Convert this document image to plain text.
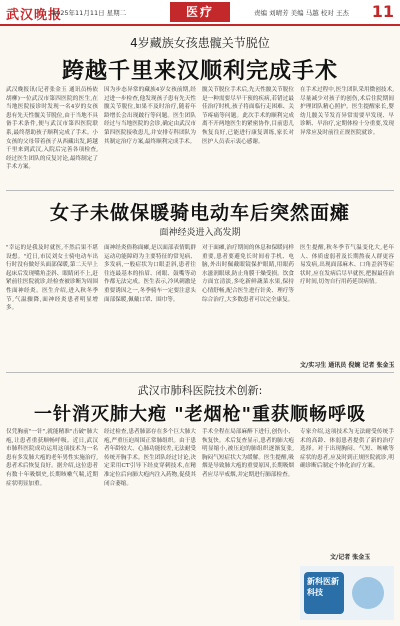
武汉晚报
2025年11月11日 星期二	医疗	责编 刘晴芳 美编 马越 校对 王杰 11
4岁藏族女孩患髋关节脱位
跨越千里来汉顺利完成手术
武汉晚报讯(记者张金玉 通讯员杨依 胡柳)一位武汉市第四医院的医生,在当地医院接诊时发现一名4岁的女孩患有先天性髋关节脱位,由于当地不具备手术条件,便与武汉市第四医院联系,最终帮助孩子顺利完成了手术。小女孩的父母带着孩子从西藏出发,跨越千里来到武汉,入院后完善各项检查,经过医生团队的反复讨论,最终制定了手术方案。
因为步态异常的藏族4岁女孩前期,经过进一步检查,他发现孩子患有先天性髋关节脱位,如果不及时治疗,随着年龄增长会出现跛行等问题。医生团队经过与当地医院的会诊,确定由武汉市第四医院接收患儿,并安排专科团队为其制定治疗方案,最终顺利完成手术。
髋关节脱位手术后,先天性髋关节脱位是一种需要尽早干预的疾病,若错过最佳治疗时机,孩子将面临行走困难、关节疼痛等问题。此次手术的顺利完成离不开两地医生的紧密协作,目前患儿恢复良好,已能进行康复训练,家长对医护人员表示衷心感谢。
在手术过程中,医生团队采用微创技术,尽量减少对孩子的创伤,术后住院期间护理团队精心照护。医生提醒家长,婴幼儿髋关节发育异常需要早发现、早诊断、早治疗,定期体检十分重要,发现异常应及时前往正规医院就诊。
女子未做保暖骑电动车后突然面瘫
面神经炎进入高发期
"幸运的是我及时就医,不然后果不堪设想。"近日,市民刘女士骑电动车出行时没有做好头面部保暖,第二天早上起床后发现嘴角歪斜、眼睛闭不上,赶紧前往医院就诊,经检查被诊断为周围性面神经炎。医生介绍,进入秋冬季节,气温骤降,面神经炎患者明显增多。
面神经炎俗称面瘫,是以面部表情肌群运动功能障碍为主要特征的常见病、多发病,一般症状为口眼歪斜,患者往往连最基本的抬眉、闭眼、鼓嘴等动作都无法完成。医生表示,冷风刺激是重要诱因之一,冬季骑车一定要注意头面部保暖,佩戴口罩、围巾等。
对于面瘫,治疗期间的休息和保暖同样重要,患者要避免长时间看手机、电脑,外出时佩戴眼镜保护眼睛,用眼药水滋润眼球,防止角膜干燥受损。饮食方面宜清淡,多吃新鲜蔬菜水果,保持心情舒畅,配合医生进行针灸、理疗等综合治疗,大多数患者可以完全康复。
医生提醒,秋冬季节气温变化大,老年人、体质虚弱者及长期熬夜人群更容易发病,出现面部麻木、口角歪斜等症状时,应在发病后尽早就医,把握最佳治疗时间,切勿自行用药延误病情。
文/实习生 通讯员 倪婉 记者 张金玉
武汉市肺科医院技术创新:
一针消灭肺大疱 "老烟枪"重获顺畅呼吸
仅凭胸前"一针",就能精准"击破"肺大疱,让患者重获顺畅呼吸。近日,武汉市肺科医院成功运用这项技术为一名患有多发肺大疱的老年男性实施治疗,患者术后恢复良好。据介绍,这位患者有数十年吸烟史,长期咳嗽气喘,近期症状明显加重。
经过检查,患者肺部存在多个巨大肺大疱,严重压迫周围正常肺组织。由于患者年龄较大、心肺功能较差,无法耐受传统开胸手术。医生团队经过讨论,决定采用CT引导下经皮穿刺技术,在精准定位后向肺大疱内注入药物,促使其闭合萎缩。
手术全程在局部麻醉下进行,创伤小、恢复快。术后复查显示,患者的肺大疱明显缩小,被压迫的肺组织逐渐复张,胸闷气短症状大为缓解。医生提醒,吸烟是导致肺大疱的重要原因,长期吸烟者应尽早戒烟,并定期进行肺部检查。
专家介绍,这项技术为无法耐受传统手术的高龄、体弱患者提供了新的治疗选择。对于出现胸闷、气短、咳嗽等症状的患者,应及时到正规医院就诊,明确诊断后制定个体化治疗方案。
文/记者 张金玉
新科医新科技
